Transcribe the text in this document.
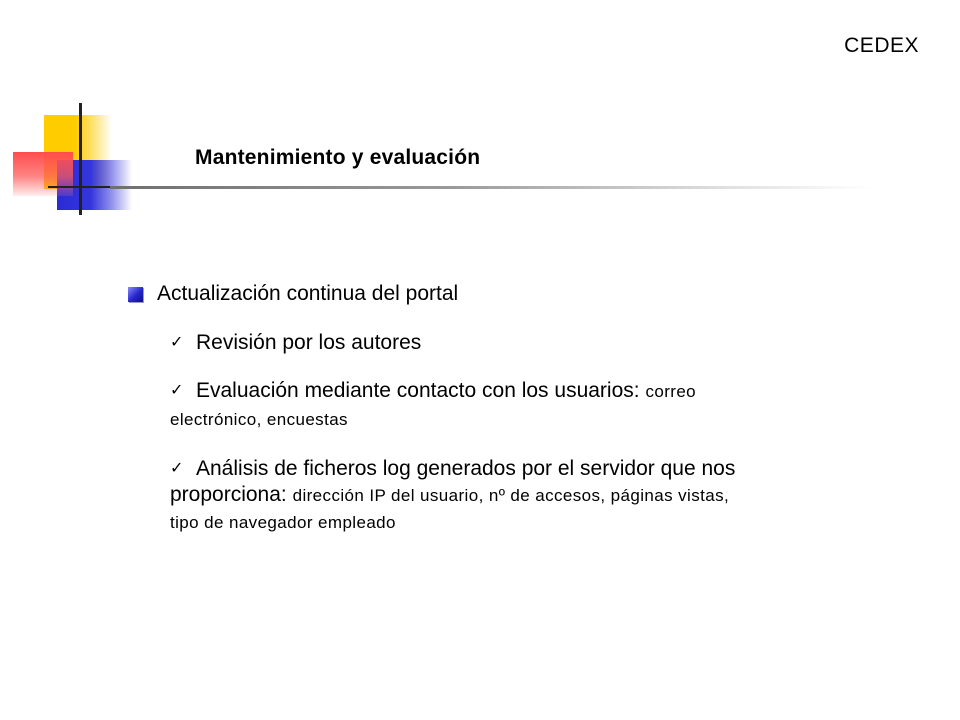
CEDEX
Mantenimiento y evaluación
Actualización continua del portal
✓ Revisión por los autores
✓ Evaluación mediante contacto con los usuarios: correo
electrónico, encuestas
✓ Análisis de ficheros log generados por el servidor que nos
proporciona: dirección IP del usuario, nº de accesos, páginas vistas,
tipo de navegador empleado
